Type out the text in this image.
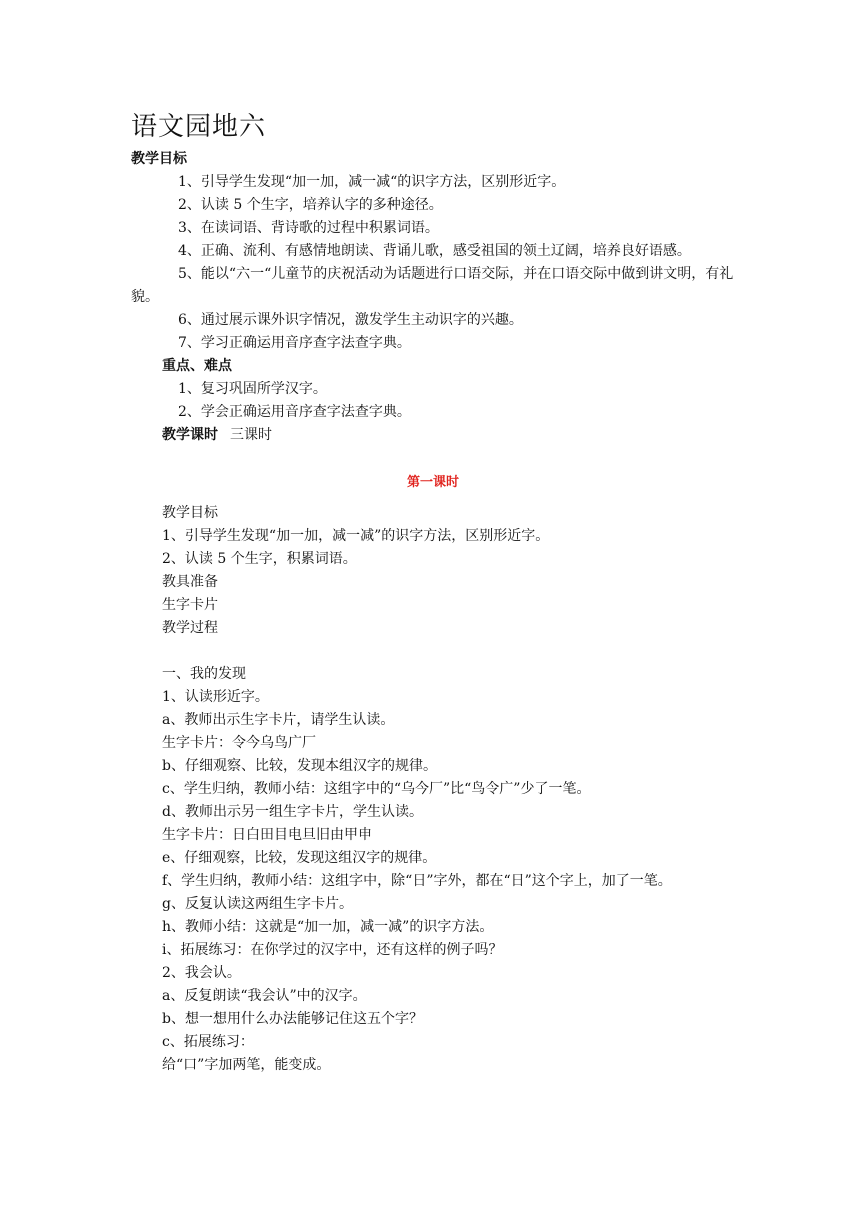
语文园地六
教学目标

1、引导学生发现“加一加，减一减“的识字方法，区别形近字。

2、认读 5 个生字，培养认字的多种途径。

3、在读词语、背诗歌的过程中积累词语。

4、正确、流利、有感情地朗读、背诵儿歌，感受祖国的领土辽阔，培养良好语感。

5、能以“六一“儿童节的庆祝活动为话题进行口语交际，并在口语交际中做到讲文明，有礼貌。

6、通过展示课外识字情况，激发学生主动识字的兴趣。

7、学习正确运用音序查字法查字典。

重点、难点

1、复习巩固所学汉字。

2、学会正确运用音序查字法查字典。

教学课时 三课时

第一课时

教学目标

1、引导学生发现“加一加，减一减”的识字方法，区别形近字。

2、认读 5 个生字，积累词语。

教具准备

生字卡片

教学过程

一、我的发现

1、认读形近字。

a、教师出示生字卡片，请学生认读。

生字卡片：令今乌鸟广厂

b、仔细观察、比较，发现本组汉字的规律。

c、学生归纳，教师小结：这组字中的“乌今厂”比“鸟令广”少了一笔。

d、教师出示另一组生字卡片，学生认读。

生字卡片：日白田目电旦旧由甲申

e、仔细观察，比较，发现这组汉字的规律。

f、学生归纳，教师小结：这组字中，除“日”字外，都在“日”这个字上，加了一笔。

g、反复认读这两组生字卡片。

h、教师小结：这就是“加一加，减一减”的识字方法。

i、拓展练习：在你学过的汉字中，还有这样的例子吗？

2、我会认。

a、反复朗读“我会认”中的汉字。

b、想一想用什么办法能够记住这五个字？

c、拓展练习：

给“口”字加两笔，能变成。
